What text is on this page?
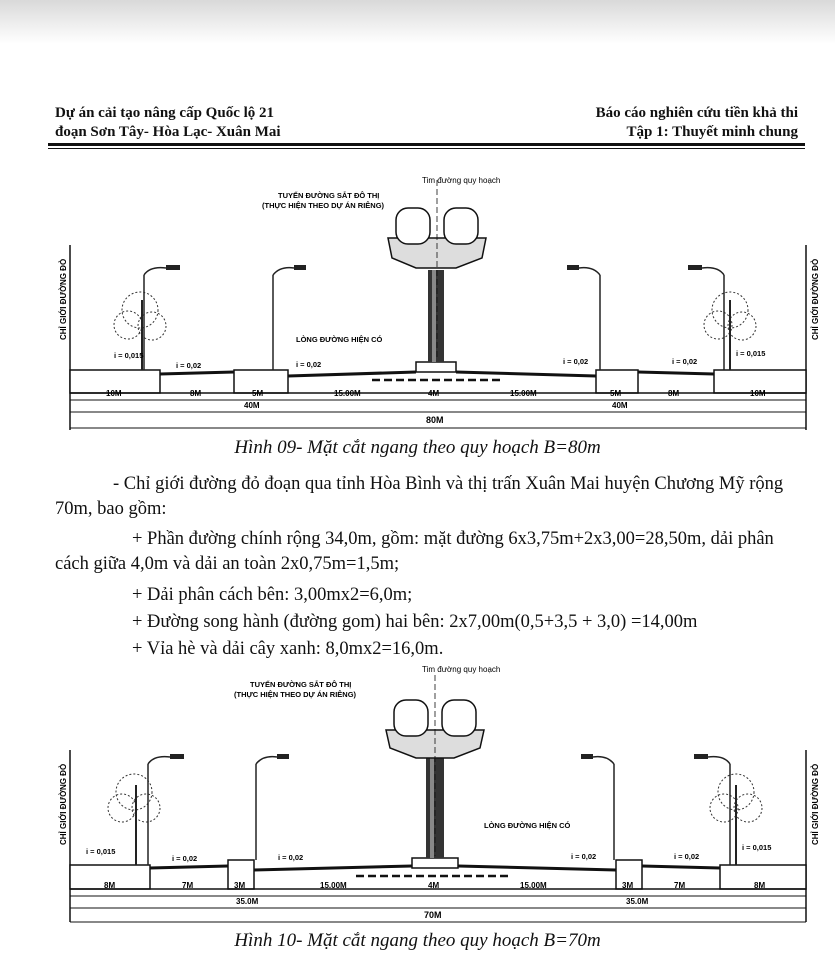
Dự án cải tạo nâng cấp Quốc lộ 21
đoạn Sơn Tây- Hòa Lạc- Xuân Mai
Báo cáo nghiên cứu tiền khả thi
Tập 1: Thuyết minh chung
CHỈ GIỚI ĐƯỜNG ĐỎ	CHỈ GIỚI ĐƯỜNG ĐỎ
TUYẾN ĐƯỜNG SẮT ĐÔ THỊ
(THỰC HIỆN THEO DỰ ÁN RIÊNG)
Tim đường quy hoạch
LÒNG ĐƯỜNG HIỆN CÓ
i = 0,015
i = 0,02	i = 0,02	i = 0,02	i = 0,02
i = 0,015
10M	8M	5M	15.00M	4M	15.00M	5M	8M	10M
40M	40M
80M
Hình 09- Mặt cắt ngang theo quy hoạch B=80m
- Chỉ giới đường đỏ đoạn qua tỉnh Hòa Bình và thị trấn Xuân Mai huyện Chương Mỹ rộng 70m, bao gồm:
+ Phần đường chính rộng 34,0m, gồm: mặt đường 6x3,75m+2x3,00=28,50m, dải phân cách giữa 4,0m và dải an toàn 2x0,75m=1,5m;
+ Dải phân cách bên: 3,00mx2=6,0m;
+ Đường song hành (đường gom) hai bên: 2x7,00m(0,5+3,5 + 3,0) =14,00m
+ Vỉa hè và dải cây xanh: 8,0mx2=16,0m.
CHỈ GIỚI ĐƯỜNG ĐỎ	CHỈ GIỚI ĐƯỜNG ĐỎ
TUYẾN ĐƯỜNG SẮT ĐÔ THỊ
(THỰC HIỆN THEO DỰ ÁN RIÊNG)
Tim đường quy hoạch
LÒNG ĐƯỜNG HIỆN CÓ
i = 0,015
i = 0,02	i = 0,02	i = 0,02	i = 0,02
i = 0,015
8M	7M	3M	15.00M	4M	15.00M	3M	7M	8M
35.0M	35.0M
70M
Hình 10- Mặt cắt ngang theo quy hoạch B=70m
